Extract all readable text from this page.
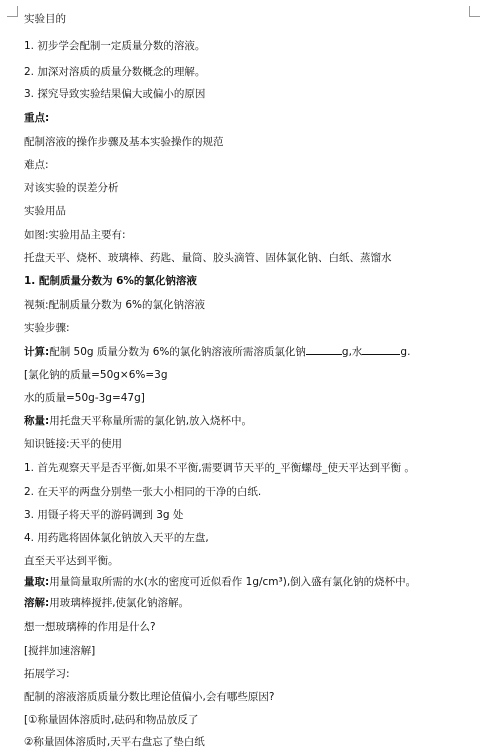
实验目的
1. 初步学会配制一定质量分数的溶液。
2. 加深对溶质的质量分数概念的理解。
3. 探究导致实验结果偏大或偏小的原因
重点:
配制溶液的操作步骤及基本实验操作的规范
难点:
对该实验的误差分析
实验用品
如图:实验用品主要有:
托盘天平、烧杯、玻璃棒、药匙、量筒、胶头滴管、固体氯化钠、白纸、蒸馏水
1. 配制质量分数为 6%的氯化钠溶液
视频:配制质量分数为 6%的氯化钠溶液
实验步骤:
计算:配制 50g 质量分数为 6%的氯化钠溶液所需溶质氯化钠	g,水	g.
[氯化钠的质量=50g×6%=3g
水的质量=50g-3g=47g]
称量:用托盘天平称量所需的氯化钠,放入烧杯中。
知识链接:天平的使用
1. 首先观察天平是否平衡,如果不平衡,需要调节天平的_平衡螺母_使天平达到平衡 。
2. 在天平的两盘分别垫一张大小相同的干净的白纸.
3. 用镊子将天平的游码调到 3g 处
4. 用药匙将固体氯化钠放入天平的左盘,
直至天平达到平衡。
量取:用量筒量取所需的水(水的密度可近似看作 1g/cm³),倒入盛有氯化钠的烧杯中。
溶解:用玻璃棒搅拌,使氯化钠溶解。
想一想玻璃棒的作用是什么?
[搅拌加速溶解]
拓展学习:
配制的溶液溶质质量分数比理论值偏小,会有哪些原因?
[①称量固体溶质时,砝码和物品放反了
②称量固体溶质时,天平右盘忘了垫白纸
